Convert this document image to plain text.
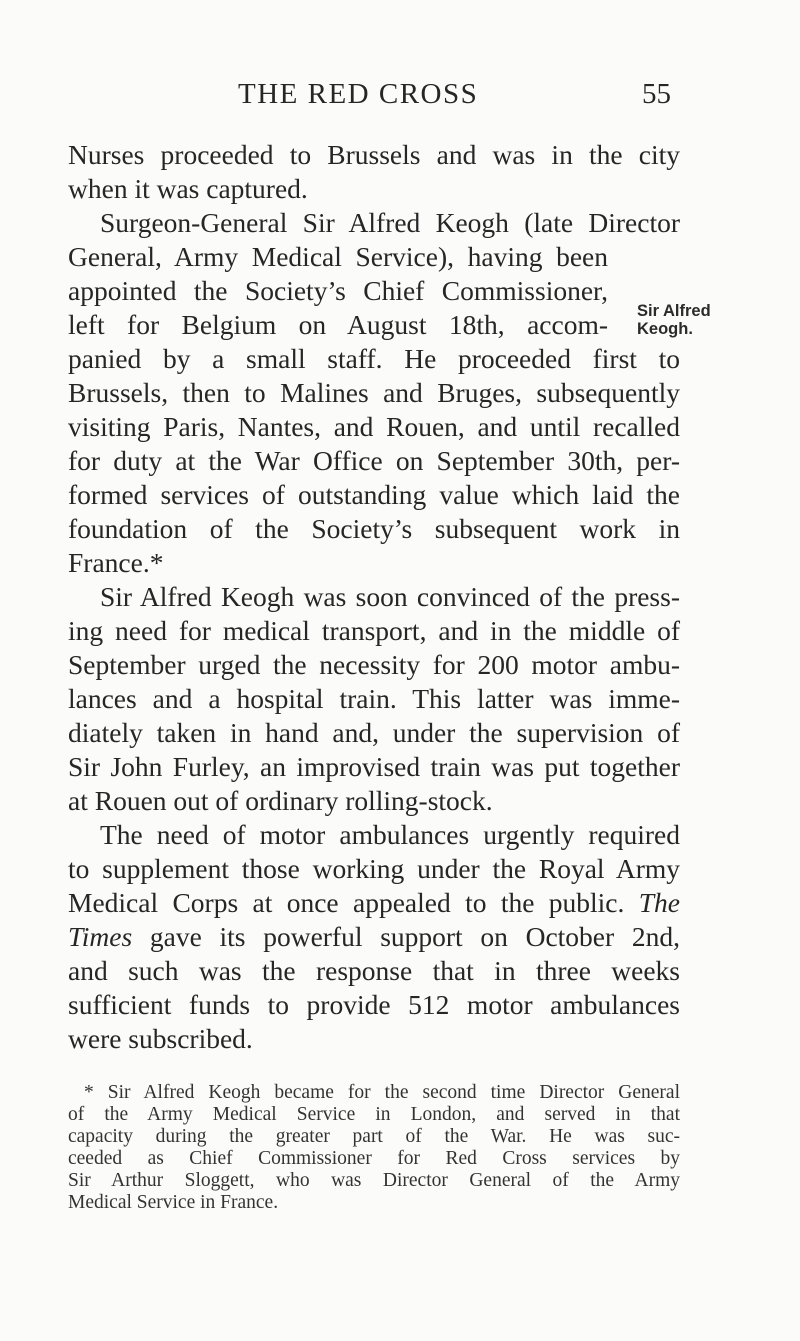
THE RED CROSS	55
Nurses proceeded to Brussels and was in the city
when it was captured.
Surgeon-General Sir Alfred Keogh (late Director
General, Army Medical Service), having been
appointed the Society’s Chief Commissioner,
left for Belgium on August 18th, accom-
panied by a small staff. He proceeded first to
Brussels, then to Malines and Bruges, subsequently
visiting Paris, Nantes, and Rouen, and until recalled
for duty at the War Office on September 30th, per-
formed services of outstanding value which laid the
foundation of the Society’s subsequent work in
France.*
Sir Alfred Keogh was soon convinced of the press-
ing need for medical transport, and in the middle of
September urged the necessity for 200 motor ambu-
lances and a hospital train. This latter was imme-
diately taken in hand and, under the supervision of
Sir John Furley, an improvised train was put together
at Rouen out of ordinary rolling-stock.
The need of motor ambulances urgently required
to supplement those working under the Royal Army
Medical Corps at once appealed to the public. The
Times gave its powerful support on October 2nd,
and such was the response that in three weeks
sufficient funds to provide 512 motor ambulances
were subscribed.
Sir Alfred
Keogh.
* Sir Alfred Keogh became for the second time Director General
of the Army Medical Service in London, and served in that
capacity during the greater part of the War. He was suc-
ceeded as Chief Commissioner for Red Cross services by
Sir Arthur Sloggett, who was Director General of the Army
Medical Service in France.
